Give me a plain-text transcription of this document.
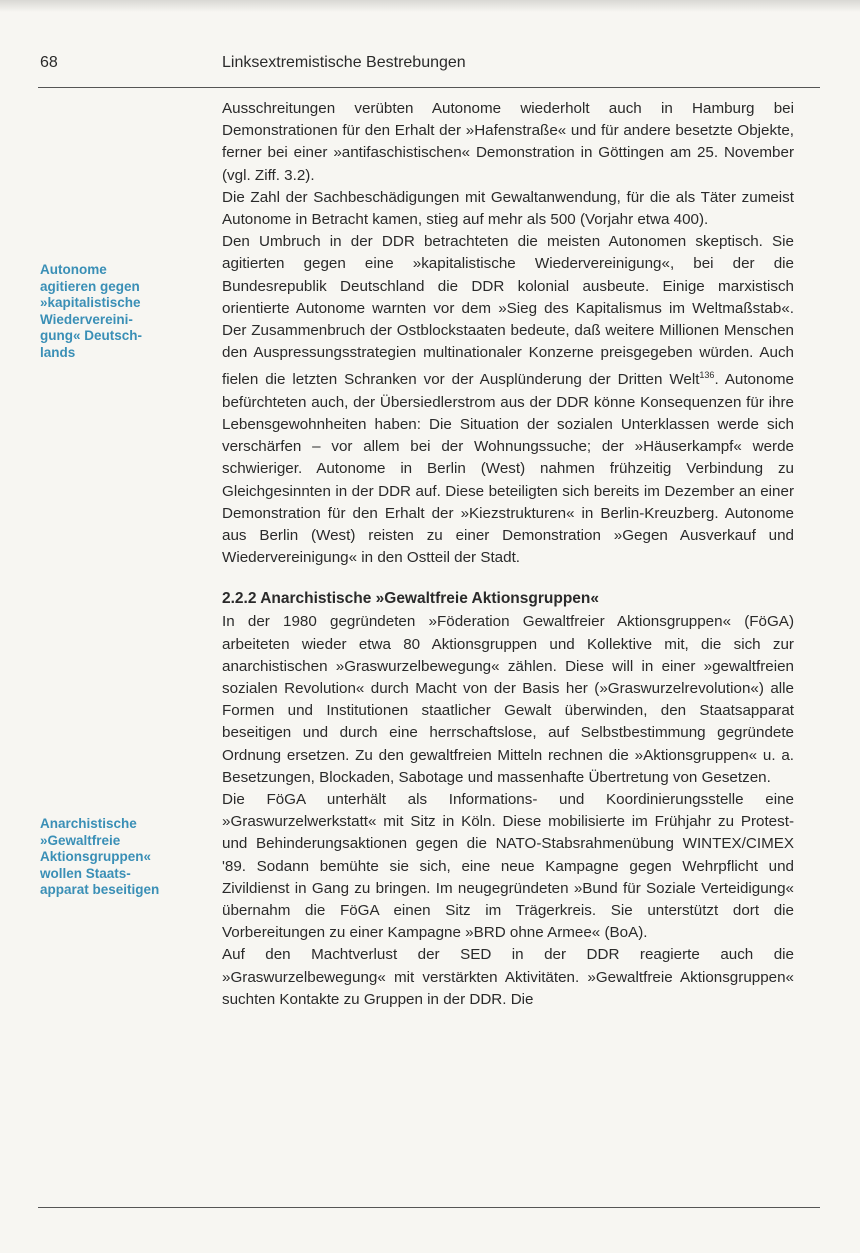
68	Linksextremistische Bestrebungen
Autonome
agitieren gegen
»kapitalistische
Wiedervereini-
gung« Deutsch-
lands
Anarchistische
»Gewaltfreie
Aktionsgruppen«
wollen Staats-
apparat beseitigen

Ausschreitungen verübten Autonome wiederholt auch in Hamburg bei Demonstrationen für den Erhalt der »Hafenstraße« und für andere besetzte Objekte, ferner bei einer »antifaschistischen« Demonstration in Göttingen am 25. November (vgl. Ziff. 3.2).

Die Zahl der Sachbeschädigungen mit Gewaltanwendung, für die als Täter zumeist Autonome in Betracht kamen, stieg auf mehr als 500 (Vorjahr etwa 400).

Den Umbruch in der DDR betrachteten die meisten Autonomen skeptisch. Sie agitierten gegen eine »kapitalistische Wiedervereinigung«, bei der die Bundesrepublik Deutschland die DDR kolonial ausbeute. Einige marxistisch orientierte Autonome warnten vor dem »Sieg des Kapitalismus im Weltmaßstab«. Der Zusammenbruch der Ostblockstaaten bedeute, daß weitere Millionen Menschen den Auspressungsstrategien multinationaler Konzerne preisgegeben würden. Auch fielen die letzten Schranken vor der Ausplünderung der Dritten Welt$^{136}$. Autonome befürchteten auch, der Übersiedlerstrom aus der DDR könne Konsequenzen für ihre Lebensgewohnheiten haben: Die Situation der sozialen Unterklassen werde sich verschärfen – vor allem bei der Wohnungssuche; der »Häuserkampf« werde schwieriger. Autonome in Berlin (West) nahmen frühzeitig Verbindung zu Gleichgesinnten in der DDR auf. Diese beteiligten sich bereits im Dezember an einer Demonstration für den Erhalt der »Kiezstrukturen« in Berlin-Kreuzberg. Autonome aus Berlin (West) reisten zu einer Demonstration »Gegen Ausverkauf und Wiedervereinigung« in den Ostteil der Stadt.

2.2.2 Anarchistische »Gewaltfreie Aktionsgruppen«

In der 1980 gegründeten »Föderation Gewaltfreier Aktionsgruppen« (FöGA) arbeiteten wieder etwa 80 Aktionsgruppen und Kollektive mit, die sich zur anarchistischen »Graswurzelbewegung« zählen. Diese will in einer »gewaltfreien sozialen Revolution« durch Macht von der Basis her (»Graswurzelrevolution«) alle Formen und Institutionen staatlicher Gewalt überwinden, den Staatsapparat beseitigen und durch eine herrschaftslose, auf Selbstbestimmung gegründete Ordnung ersetzen. Zu den gewaltfreien Mitteln rechnen die »Aktionsgruppen« u. a. Besetzungen, Blockaden, Sabotage und massenhafte Übertretung von Gesetzen.

Die FöGA unterhält als Informations- und Koordinierungsstelle eine »Graswurzelwerkstatt« mit Sitz in Köln. Diese mobilisierte im Frühjahr zu Protest- und Behinderungsaktionen gegen die NATO-Stabsrahmenübung WINTEX/CIMEX '89. Sodann bemühte sie sich, eine neue Kampagne gegen Wehrpflicht und Zivildienst in Gang zu bringen. Im neugegründeten »Bund für Soziale Verteidigung« übernahm die FöGA einen Sitz im Trägerkreis. Sie unterstützt dort die Vorbereitungen zu einer Kampagne »BRD ohne Armee« (BoA).

Auf den Machtverlust der SED in der DDR reagierte auch die »Graswurzelbewegung« mit verstärkten Aktivitäten. »Gewaltfreie Aktionsgruppen« suchten Kontakte zu Gruppen in der DDR. Die
